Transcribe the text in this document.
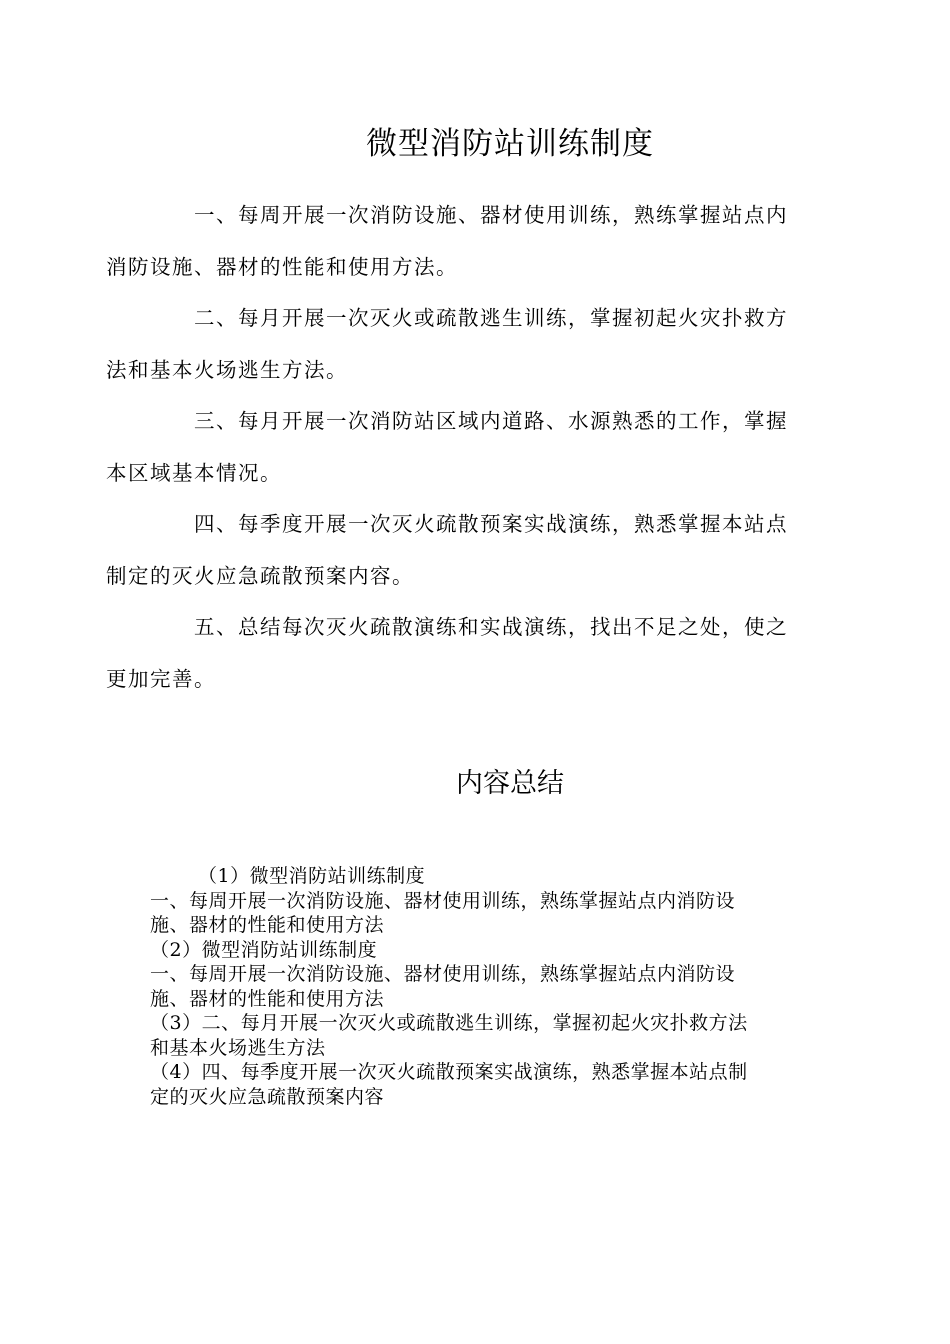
微型消防站训练制度

一、每周开展一次消防设施、器材使用训练，熟练掌握站点内
消防设施、器材的性能和使用方法。

二、每月开展一次灭火或疏散逃生训练，掌握初起火灾扑救方
法和基本火场逃生方法。

三、每月开展一次消防站区域内道路、水源熟悉的工作，掌握
本区域基本情况。

四、每季度开展一次灭火疏散预案实战演练，熟悉掌握本站点
制定的灭火应急疏散预案内容。

五、总结每次灭火疏散演练和实战演练，找出不足之处，使之
更加完善。

内容总结
（1）微型消防站训练制度
一、每周开展一次消防设施、器材使用训练，熟练掌握站点内消防设
施、器材的性能和使用方法
（2）微型消防站训练制度
一、每周开展一次消防设施、器材使用训练，熟练掌握站点内消防设
施、器材的性能和使用方法
（3）二、每月开展一次灭火或疏散逃生训练，掌握初起火灾扑救方法
和基本火场逃生方法
（4）四、每季度开展一次灭火疏散预案实战演练，熟悉掌握本站点制
定的灭火应急疏散预案内容
